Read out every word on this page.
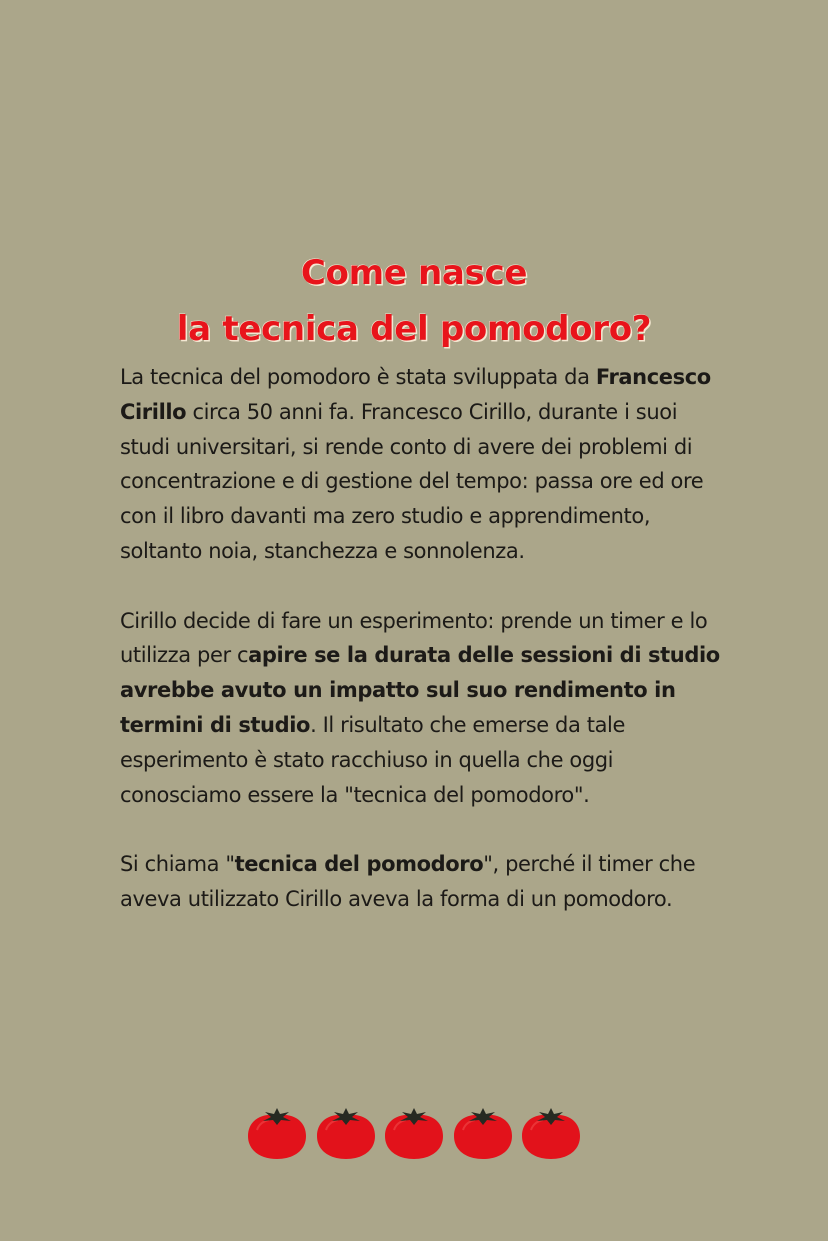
Come nasce
la tecnica del pomodoro?

La tecnica del pomodoro è stata sviluppata da Francesco Cirillo circa 50 anni fa. Francesco Cirillo, durante i suoi studi universitari, si rende conto di avere dei problemi di concentrazione e di gestione del tempo: passa ore ed ore con il libro davanti ma zero studio e apprendimento, soltanto noia, stanchezza e sonnolenza.

Cirillo decide di fare un esperimento: prende un timer e lo utilizza per capire se la durata delle sessioni di studio avrebbe avuto un impatto sul suo rendimento in termini di studio. Il risultato che emerse da tale esperimento è stato racchiuso in quella che oggi conosciamo essere la "tecnica del pomodoro".

Si chiama "tecnica del pomodoro", perché il timer che aveva utilizzato Cirillo aveva la forma di un pomodoro.
